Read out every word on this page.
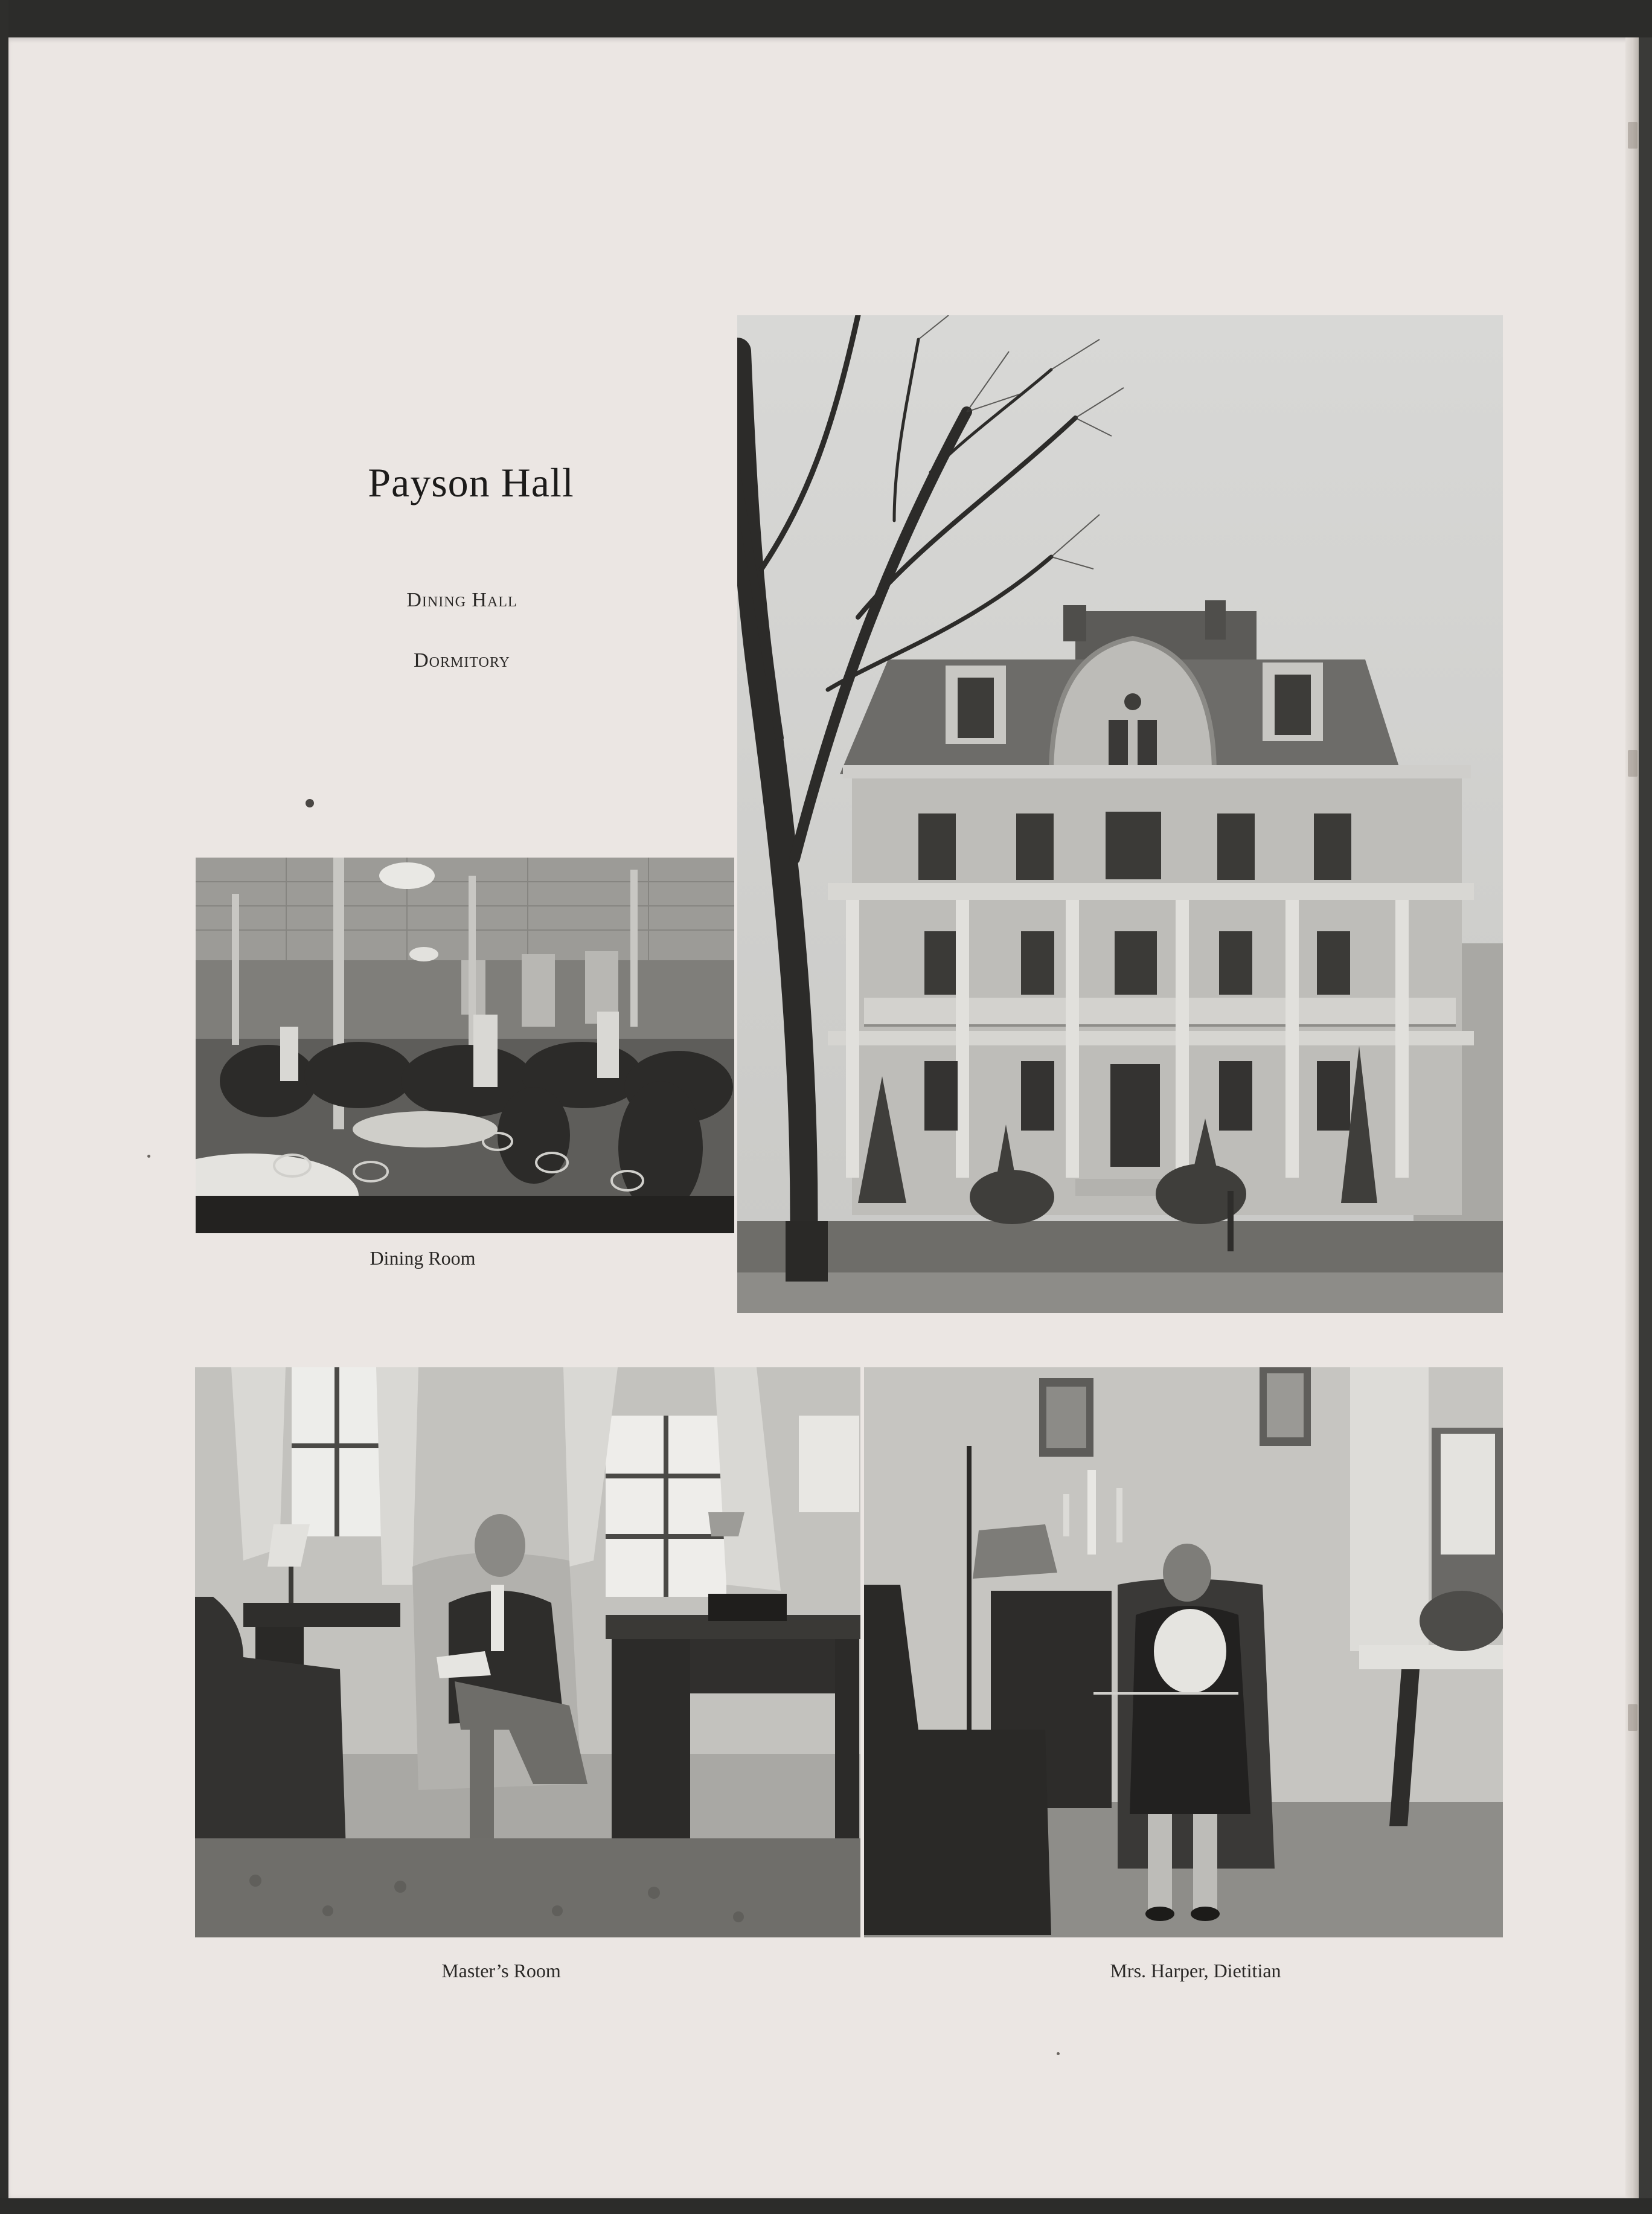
Payson Hall
Dining Hall
Dormitory
Dining Room
Master’s Room	Mrs. Harper, Dietitian
